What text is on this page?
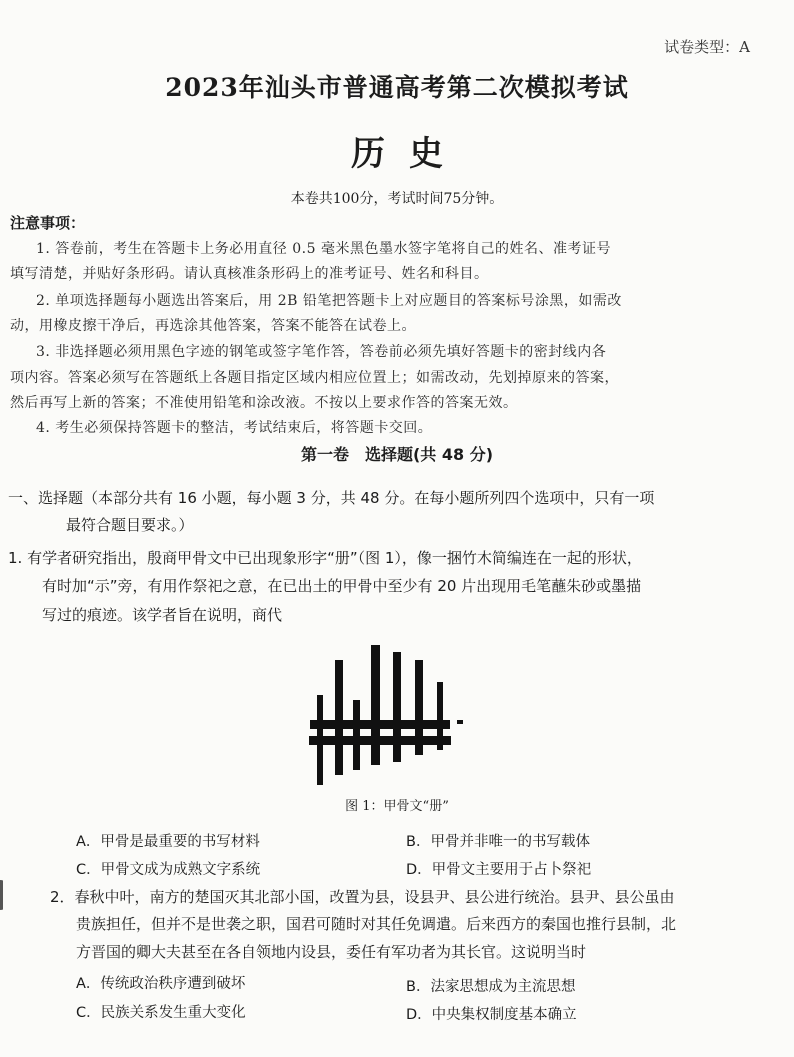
试卷类型：A
2023年汕头市普通高考第二次模拟考试
历史
本卷共100分，考试时间75分钟。
注意事项：
1. 答卷前，考生在答题卡上务必用直径 0.5 毫米黑色墨水签字笔将自己的姓名、准考证号
填写清楚，并贴好条形码。请认真核准条形码上的准考证号、姓名和科目。
2. 单项选择题每小题选出答案后，用 2B 铅笔把答题卡上对应题目的答案标号涂黑，如需改
动，用橡皮擦干净后，再选涂其他答案，答案不能答在试卷上。
3. 非选择题必须用黑色字迹的钢笔或签字笔作答，答卷前必须先填好答题卡的密封线内各
项内容。答案必须写在答题纸上各题目指定区域内相应位置上；如需改动，先划掉原来的答案，
然后再写上新的答案；不准使用铅笔和涂改液。不按以上要求作答的答案无效。
4. 考生必须保持答题卡的整洁，考试结束后，将答题卡交回。
第一卷　选择题(共 48 分)
一、选择题（本部分共有 16 小题，每小题 3 分，共 48 分。在每小题所列四个选项中，只有一项
最符合题目要求。）
1. 有学者研究指出，殷商甲骨文中已出现象形字“册”（图 1），像一捆竹木简编连在一起的形状，
有时加“示”旁，有用作祭祀之意，在已出土的甲骨中至少有 20 片出现用毛笔蘸朱砂或墨描
写过的痕迹。该学者旨在说明，商代
图 1：甲骨文“册”
A．甲骨是最重要的书写材料	B．甲骨并非唯一的书写载体
C．甲骨文成为成熟文字系统	D．甲骨文主要用于占卜祭祀
2．春秋中叶，南方的楚国灭其北部小国，改置为县，设县尹、县公进行统治。县尹、县公虽由
贵族担任，但并不是世袭之职，国君可随时对其任免调遣。后来西方的秦国也推行县制，北
方晋国的卿大夫甚至在各自领地内设县，委任有军功者为其长官。这说明当时
A．传统政治秩序遭到破坏	B．法家思想成为主流思想
C．民族关系发生重大变化	D．中央集权制度基本确立
